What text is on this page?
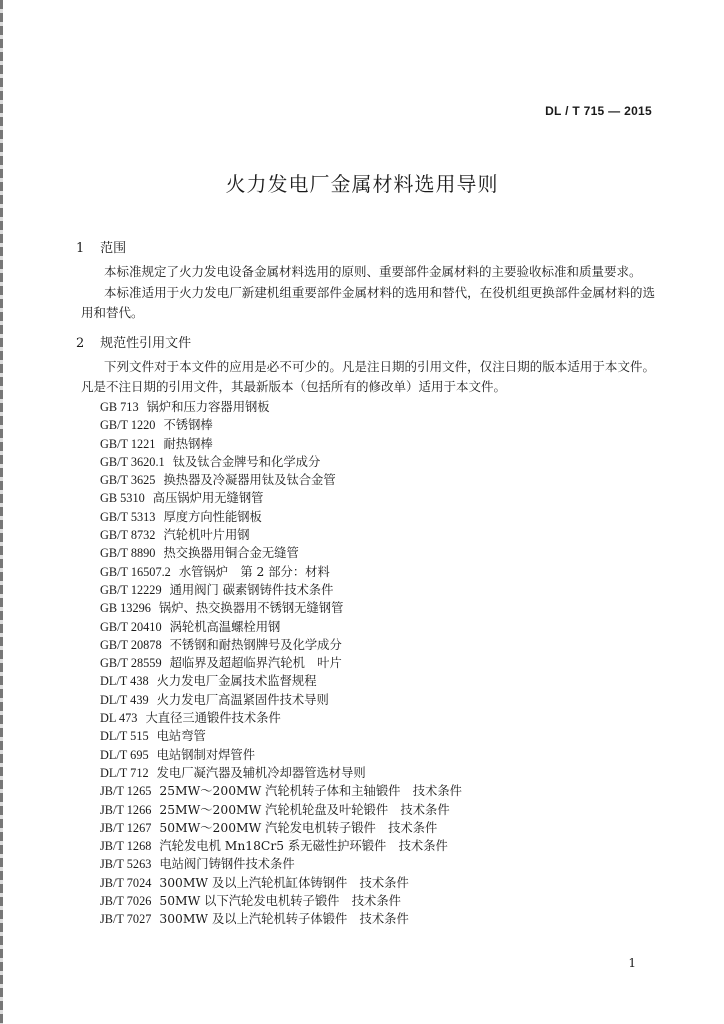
DL / T 715 — 2015
火力发电厂金属材料选用导则
1 范围

本标准规定了火力发电设备金属材料选用的原则、重要部件金属材料的主要验收标准和质量要求。

本标准适用于火力发电厂新建机组重要部件金属材料的选用和替代，在役机组更换部件金属材料的选用和替代。

2 规范性引用文件

下列文件对于本文件的应用是必不可少的。凡是注日期的引用文件，仅注日期的版本适用于本文件。凡是不注日期的引用文件，其最新版本（包括所有的修改单）适用于本文件。

GB 713 锅炉和压力容器用钢板
GB/T 1220 不锈钢棒
GB/T 1221 耐热钢棒
GB/T 3620.1 钛及钛合金牌号和化学成分
GB/T 3625 换热器及冷凝器用钛及钛合金管
GB 5310 高压锅炉用无缝钢管
GB/T 5313 厚度方向性能钢板
GB/T 8732 汽轮机叶片用钢
GB/T 8890 热交换器用铜合金无缝管
GB/T 16507.2 水管锅炉　第 2 部分：材料
GB/T 12229 通用阀门 碳素钢铸件技术条件
GB 13296 锅炉、热交换器用不锈钢无缝钢管
GB/T 20410 涡轮机高温螺栓用钢
GB/T 20878 不锈钢和耐热钢牌号及化学成分
GB/T 28559 超临界及超超临界汽轮机　叶片
DL/T 438 火力发电厂金属技术监督规程
DL/T 439 火力发电厂高温紧固件技术导则
DL 473 大直径三通锻件技术条件
DL/T 515 电站弯管
DL/T 695 电站钢制对焊管件
DL/T 712 发电厂凝汽器及辅机冷却器管选材导则
JB/T 1265 25MW～200MW 汽轮机转子体和主轴锻件　技术条件
JB/T 1266 25MW～200MW 汽轮机轮盘及叶轮锻件　技术条件
JB/T 1267 50MW～200MW 汽轮发电机转子锻件　技术条件
JB/T 1268 汽轮发电机 Mn18Cr5 系无磁性护环锻件　技术条件
JB/T 5263 电站阀门铸钢件技术条件
JB/T 7024 300MW 及以上汽轮机缸体铸钢件　技术条件
JB/T 7026 50MW 以下汽轮发电机转子锻件　技术条件
JB/T 7027 300MW 及以上汽轮机转子体锻件　技术条件
1
